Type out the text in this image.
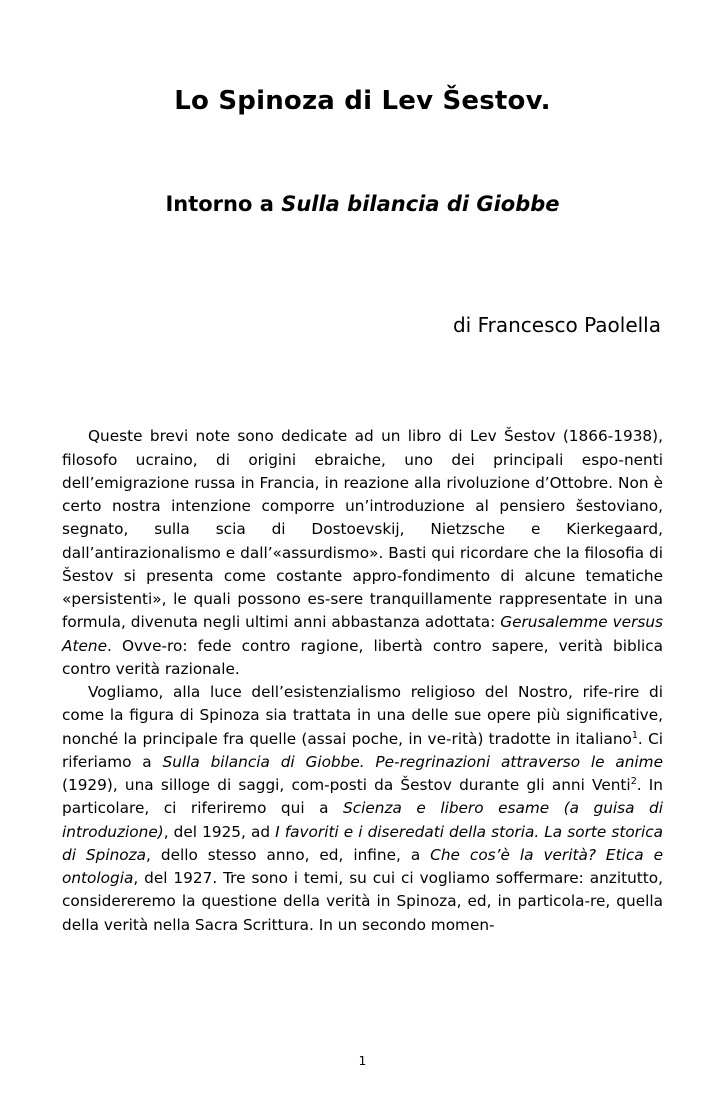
Lo Spinoza di Lev Šestov.
Intorno a Sulla bilancia di Giobbe
di Francesco Paolella

Queste brevi note sono dedicate ad un libro di Lev Šestov (1866-1938), filosofo ucraino, di origini ebraiche, uno dei principali espo-nenti dell’emigrazione russa in Francia, in reazione alla rivoluzione d’Ottobre. Non è certo nostra intenzione comporre un’introduzione al pensiero šestoviano, segnato, sulla scia di Dostoevskij, Nietzsche e Kierkegaard, dall’antirazionalismo e dall’«assurdismo». Basti qui ricordare che la filosofia di Šestov si presenta come costante appro-fondimento di alcune tematiche «persistenti», le quali possono es-sere tranquillamente rappresentate in una formula, divenuta negli ultimi anni abbastanza adottata: Gerusalemme versus Atene. Ovve-ro: fede contro ragione, libertà contro sapere, verità biblica contro verità razionale.

Vogliamo, alla luce dell’esistenzialismo religioso del Nostro, rife-rire di come la figura di Spinoza sia trattata in una delle sue opere più significative, nonché la principale fra quelle (assai poche, in ve-rità) tradotte in italiano$^1$. Ci riferiamo a Sulla bilancia di Giobbe. Pe-regrinazioni attraverso le anime (1929), una silloge di saggi, com-posti da Šestov durante gli anni Venti$^2$. In particolare, ci riferiremo qui a Scienza e libero esame (a guisa di introduzione), del 1925, ad I favoriti e i diseredati della storia. La sorte storica di Spinoza, dello stesso anno, ed, infine, a Che cos’è la verità? Etica e ontologia, del 1927. Tre sono i temi, su cui ci vogliamo soffermare: anzitutto, considereremo la questione della verità in Spinoza, ed, in particola-re, quella della verità nella Sacra Scrittura. In un secondo momen-

1
